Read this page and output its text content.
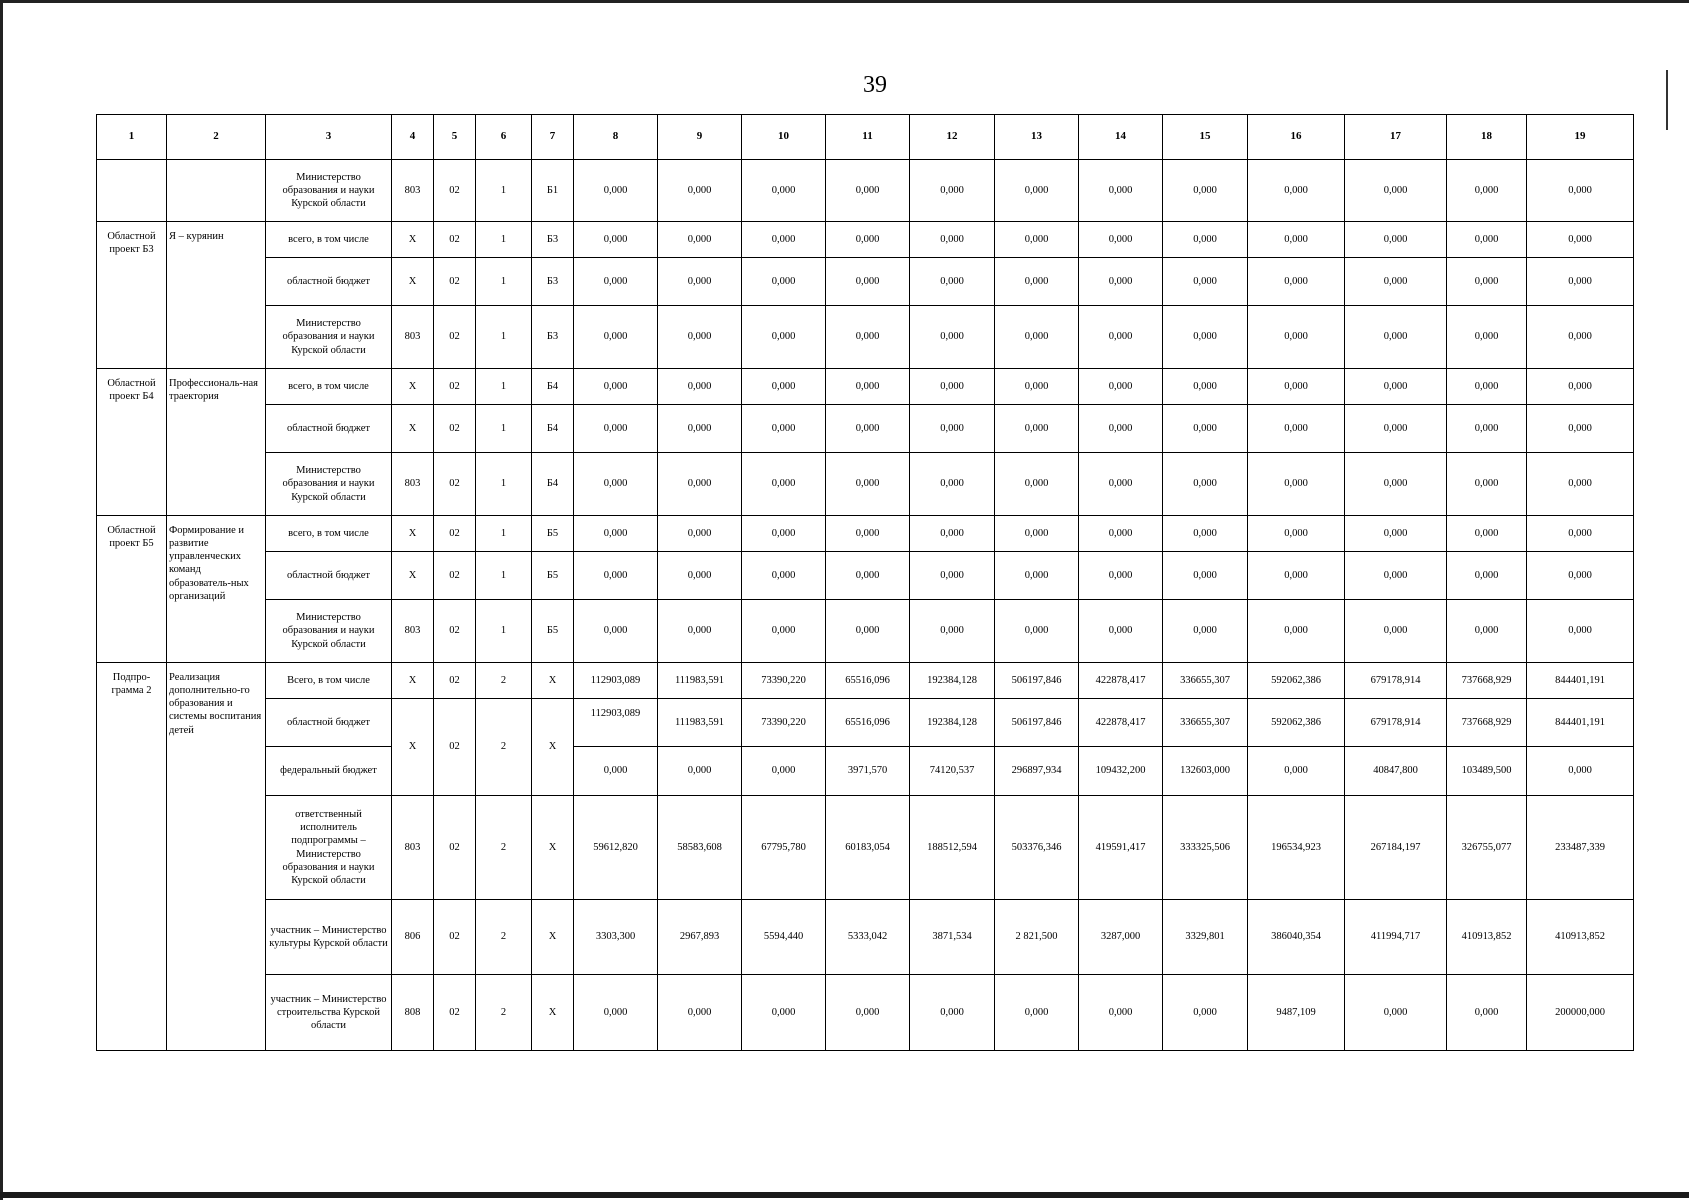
39
1	2	3	4	5	6	7	8	9	10	11	12	13	14	15	16	17	18	19
		Министерство образования и науки Курской области	803	02	1	Б1	0,000	0,000	0,000	0,000	0,000	0,000	0,000	0,000	0,000	0,000	0,000	0,000
Областной проект Б3	Я – курянин	всего, в том числе	Х	02	1	Б3	0,000	0,000	0,000	0,000	0,000	0,000	0,000	0,000	0,000	0,000	0,000	0,000
		областной бюджет	Х	02	1	Б3	0,000	0,000	0,000	0,000	0,000	0,000	0,000	0,000	0,000	0,000	0,000	0,000
		Министерство образования и науки Курской области	803	02	1	Б3	0,000	0,000	0,000	0,000	0,000	0,000	0,000	0,000	0,000	0,000	0,000	0,000
Областной проект Б4	Профессиональ-ная траектория	всего, в том числе	Х	02	1	Б4	0,000	0,000	0,000	0,000	0,000	0,000	0,000	0,000	0,000	0,000	0,000	0,000
		областной бюджет	Х	02	1	Б4	0,000	0,000	0,000	0,000	0,000	0,000	0,000	0,000	0,000	0,000	0,000	0,000
		Министерство образования и науки Курской области	803	02	1	Б4	0,000	0,000	0,000	0,000	0,000	0,000	0,000	0,000	0,000	0,000	0,000	0,000
Областной проект Б5	Формирование и развитие управленческих команд образователь-ных организаций	всего, в том числе	Х	02	1	Б5	0,000	0,000	0,000	0,000	0,000	0,000	0,000	0,000	0,000	0,000	0,000	0,000
		областной бюджет	Х	02	1	Б5	0,000	0,000	0,000	0,000	0,000	0,000	0,000	0,000	0,000	0,000	0,000	0,000
		Министерство образования и науки Курской области	803	02	1	Б5	0,000	0,000	0,000	0,000	0,000	0,000	0,000	0,000	0,000	0,000	0,000	0,000
Подпро-грамма 2	Реализация дополнительно-го образования и системы воспитания детей	Всего, в том числе	Х	02	2	Х	112903,089	111983,591	73390,220	65516,096	192384,128	506197,846	422878,417	336655,307	592062,386	679178,914	737668,929	844401,191
		областной бюджет	Х	02	2	Х	112903,089	111983,591	73390,220	65516,096	192384,128	506197,846	422878,417	336655,307	592062,386	679178,914	737668,929	844401,191
		федеральный бюджет					0,000	0,000	0,000	3971,570	74120,537	296897,934	109432,200	132603,000	0,000	40847,800	103489,500	0,000
		ответственный исполнитель подпрограммы – Министерство образования и науки Курской области	803	02	2	Х	59612,820	58583,608	67795,780	60183,054	188512,594	503376,346	419591,417	333325,506	196534,923	267184,197	326755,077	233487,339
		участник – Министерство культуры Курской области	806	02	2	Х	3303,300	2967,893	5594,440	5333,042	3871,534	2 821,500	3287,000	3329,801	386040,354	411994,717	410913,852	410913,852
		участник – Министерство строительства Курской области	808	02	2	Х	0,000	0,000	0,000	0,000	0,000	0,000	0,000	0,000	9487,109	0,000	0,000	200000,000
